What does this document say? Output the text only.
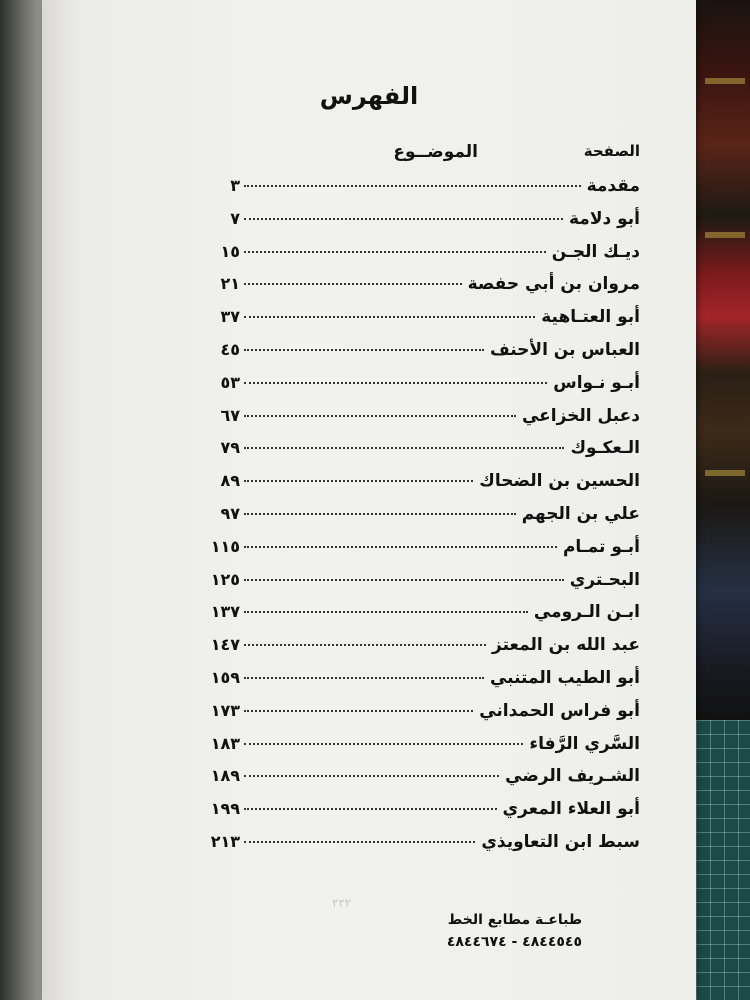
الفهرس
الموضــوع	الصفحة
مقدمة
٣
أبو دلامة
٧
ديـك الجـن
١٥
مروان بن أبي حفصة
٢١
أبو العتـاهية
٣٧
العباس بن الأحنف
٤٥
أبـو نـواس
٥٣
دعبل الخزاعي
٦٧
الـعكـوك
٧٩
الحسين بن الضحاك
٨٩
علي بن الجهم
٩٧
أبـو تمـام
١١٥
البحـتري
١٢٥
ابـن الـرومي
١٣٧
عبد الله بن المعتز
١٤٧
أبو الطيب المتنبي
١٥٩
أبو فراس الحمداني
١٧٣
السَّري الرَّفاء
١٨٣
الشـريف الرضي
١٨٩
أبو العلاء المعري
١٩٩
سبط ابن التعاويذي
٢١٣
٢٢٢
طباعـة مطابع الخط
٤٨٤٤٦٧٤ - ٤٨٤٤٥٤٥
